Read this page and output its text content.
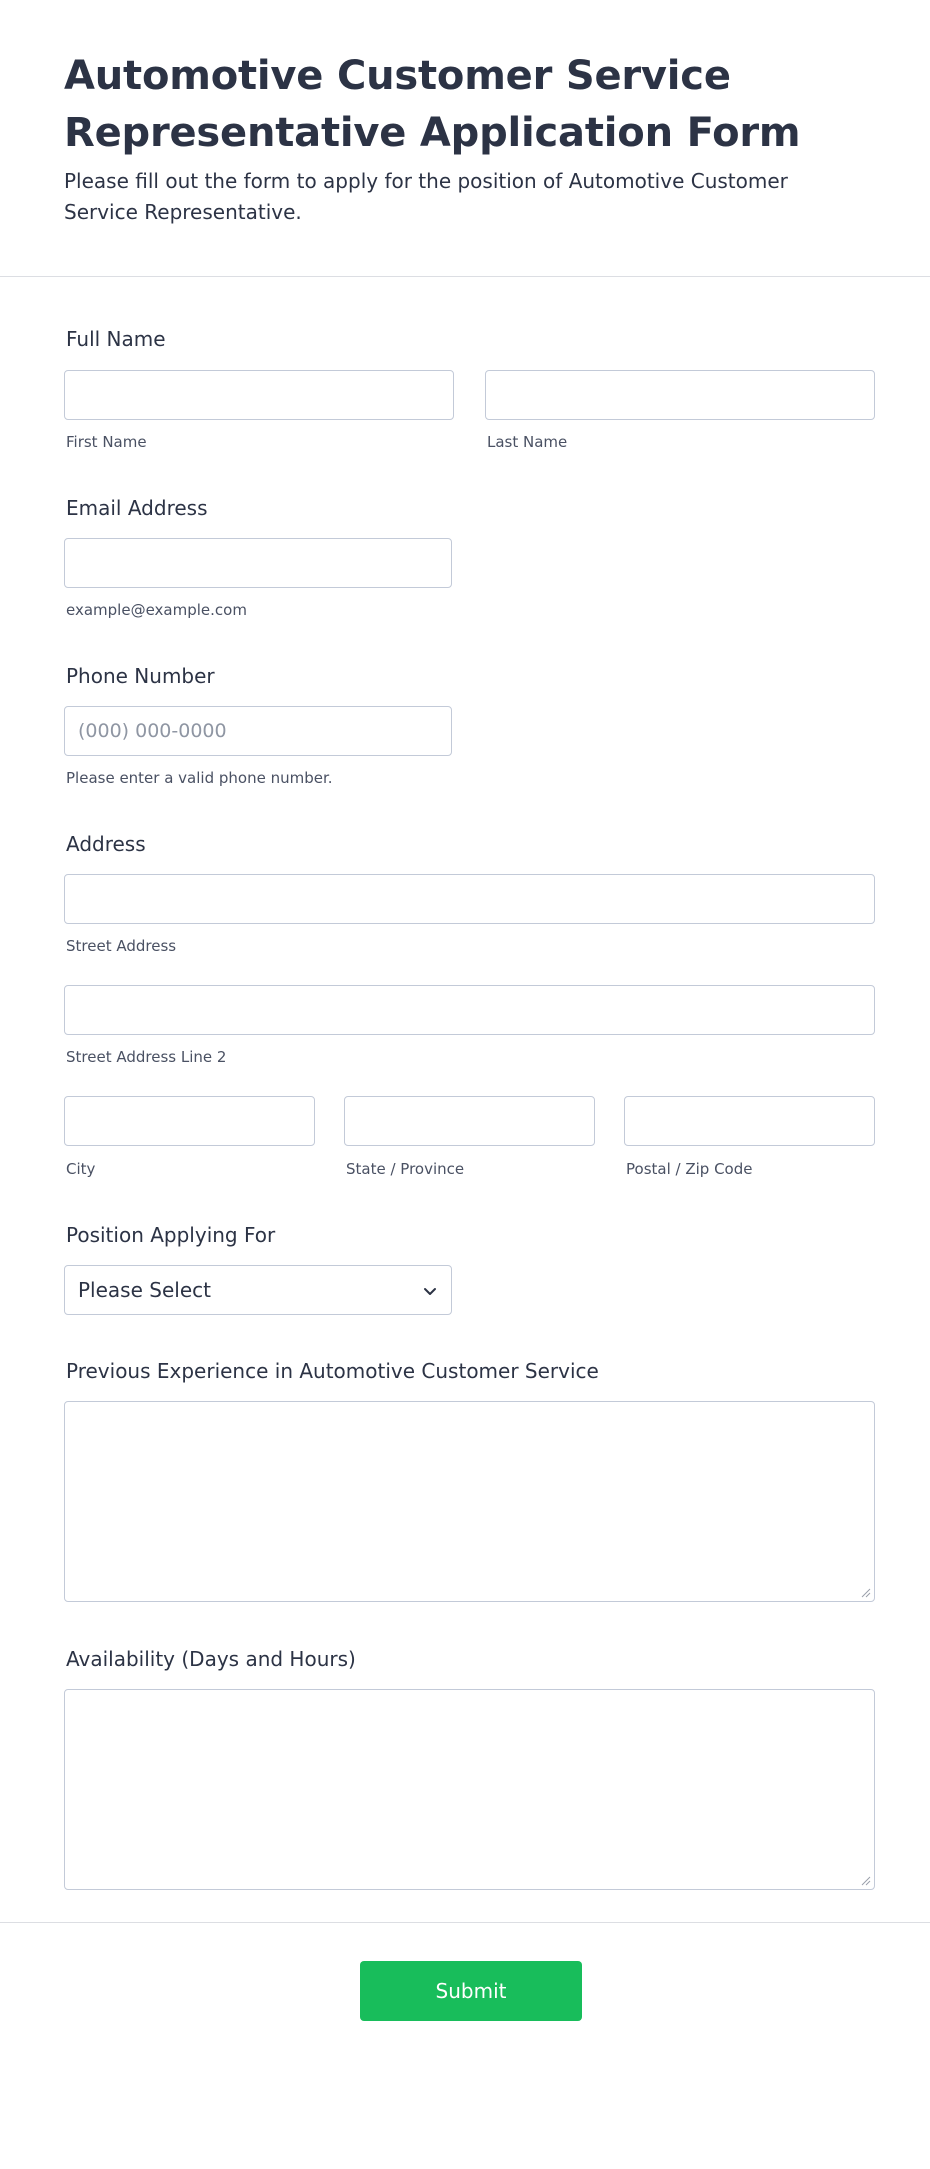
Automotive Customer Service Representative Application Form

Please fill out the form to apply for the position of Automotive Customer Service Representative.

Full Name
First Name	Last Name
Email Address
example@example.com
Phone Number
(000) 000-0000
Please enter a valid phone number.
Address
Street Address
Street Address Line 2
City	State / Province	Postal / Zip Code
Position Applying For
Please Select
Previous Experience in Automotive Customer Service
Availability (Days and Hours)
Submit
